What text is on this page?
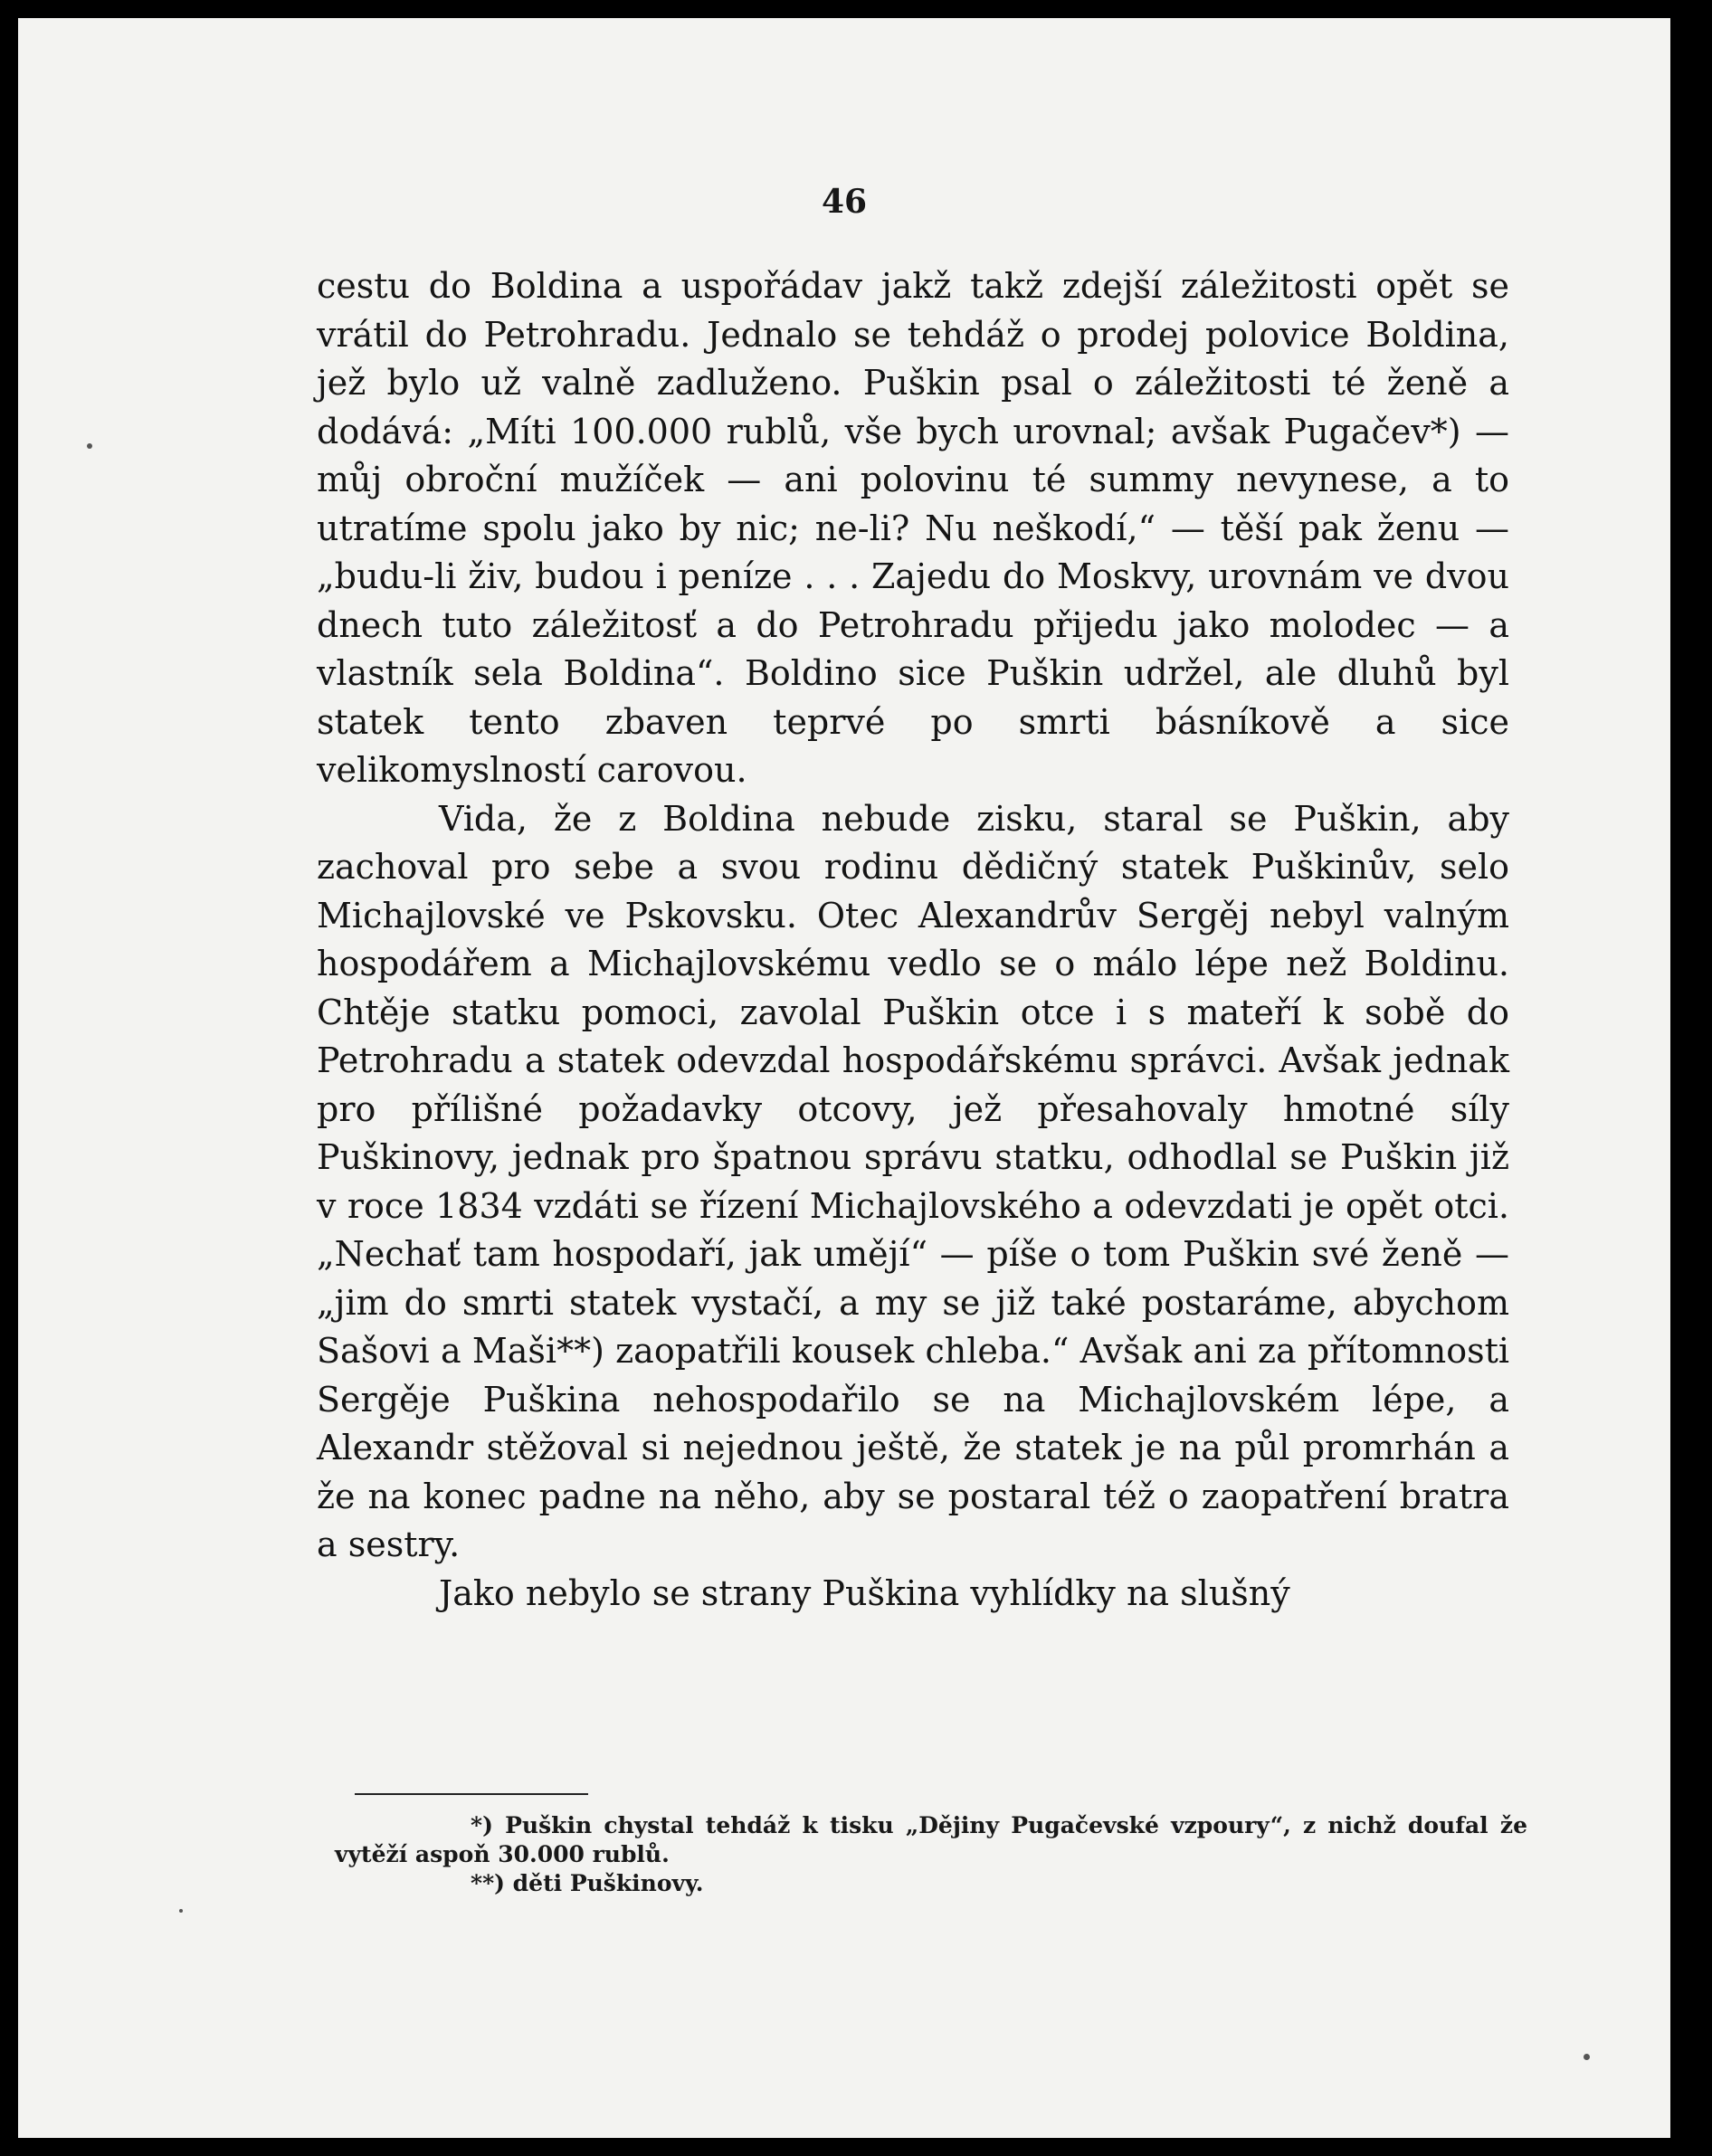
46

cestu do Boldina a uspořádav jakž takž zdejší záležitosti opět se vrátil do Petrohradu. Jednalo se tehdáž o prodej polovice Boldina, jež bylo už valně zadluženo. Puškin psal o záležitosti té ženě a dodává: „Míti 100.000 rublů, vše bych urovnal; avšak Pugačev*) — můj obroční mužíček — ani polovinu té summy nevynese, a to utratíme spolu jako by nic; ne-li? Nu neškodí,“ — těší pak ženu — „budu-li živ, budou i peníze . . . Zajedu do Moskvy, urovnám ve dvou dnech tuto záležitosť a do Petrohradu přijedu jako molodec — a vlastník sela Boldina“. Boldino sice Puškin udržel, ale dluhů byl statek tento zbaven teprvé po smrti básníkově a sice velikomyslností carovou.

Vida, že z Boldina nebude zisku, staral se Puškin, aby zachoval pro sebe a svou rodinu dědičný statek Puškinův, selo Michajlovské ve Pskovsku. Otec Alexandrův Sergěj nebyl valným hospodářem a Michajlovskému vedlo se o málo lépe než Boldinu. Chtěje statku pomoci, zavolal Puškin otce i s mateří k sobě do Petrohradu a statek odevzdal hospodářskému správci. Avšak jednak pro přílišné požadavky otcovy, jež přesahovaly hmotné síly Puškinovy, jednak pro špatnou správu statku, odhodlal se Puškin již v roce 1834 vzdáti se řízení Michajlovského a odevzdati je opět otci. „Nechať tam hospodaří, jak umějí“ — píše o tom Puškin své ženě — „jim do smrti statek vystačí, a my se již také postaráme, abychom Sašovi a Maši**) zaopatřili kousek chleba.“ Avšak ani za přítomnosti Sergěje Puškina nehospodařilo se na Michajlovském lépe, a Alexandr stěžoval si nejednou ještě, že statek je na půl promrhán a že na konec padne na něho, aby se postaral též o zaopatření bratra a sestry.

Jako nebylo se strany Puškina vyhlídky na slušný

*) Puškin chystal tehdáž k tisku „Dějiny Pugačevské vzpoury“, z nichž doufal že vytěží aspoň 30.000 rublů.

**) děti Puškinovy.
